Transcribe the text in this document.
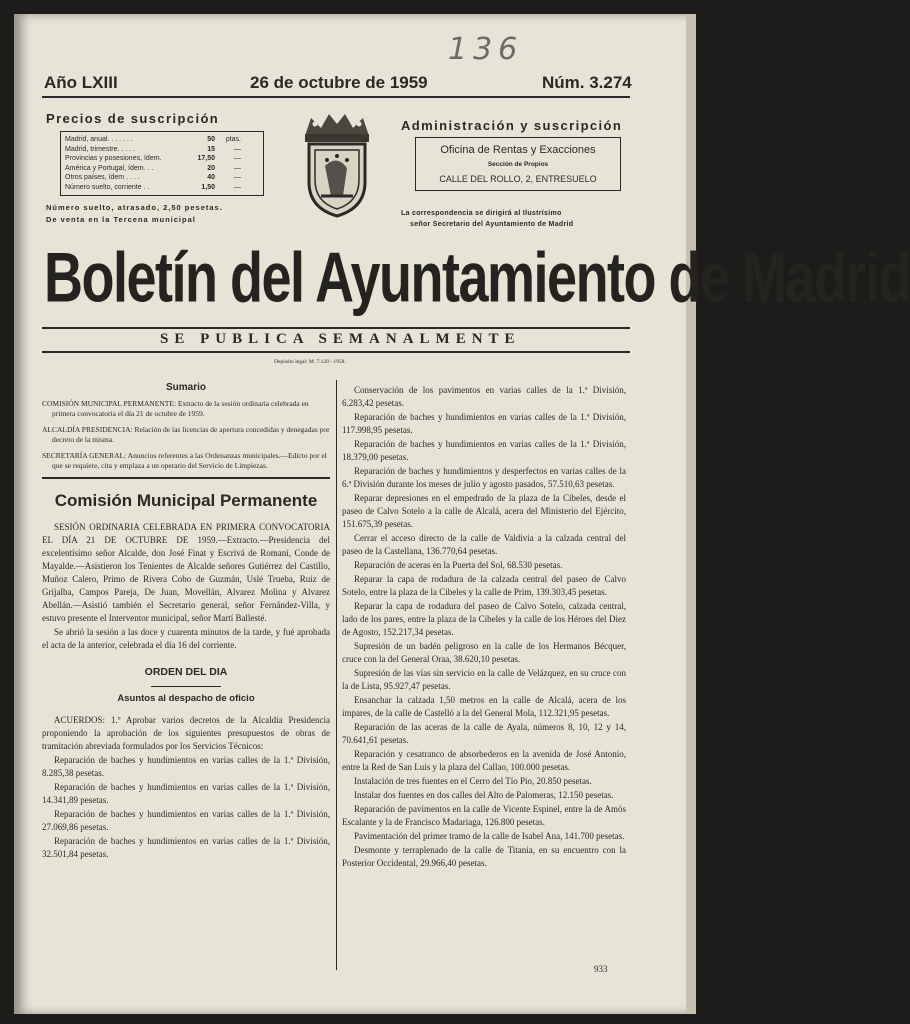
136
Año LXIII	26 de octubre de 1959	Núm. 3.274
Precios de suscripción
Madrid, anual. . . . . . .	50	ptas.
Madrid, trimestre. . . . .	15	—
Provincias y posesiones, ídem.	17,50	—
América y Portugal, ídem. . .	20	—
Otros países, ídem . . . .	40	—
Número suelto, corriente . .	1,50	—
Número suelto, atrasado, 2,50 pesetas.
De venta en la Tercena municipal
Administración y suscripción
Oficina de Rentas y Exacciones
Sección de Propios
CALLE DEL ROLLO, 2, ENTRESUELO
La correspondencia se dirigirá al Ilustrísimo
señor Secretario del Ayuntamiento de Madrid
Boletín del Ayuntamiento de Madrid
SE PUBLICA SEMANALMENTE
Depósito legal: M. 7.128 - 1958.
Sumario

COMISIÓN MUNICIPAL PERMANENTE: Extracto de la sesión ordinaria celebrada en primera convocatoria el día 21 de octubre de 1959.

ALCALDÍA PRESIDENCIA: Relación de las licencias de apertura concedidas y denegadas por decreto de la misma.

SECRETARÍA GENERAL: Anuncios referentes a las Ordenanzas municipales.—Edicto por el que se requiere, cita y emplaza a un operario del Servicio de Limpiezas.

Comisión Municipal Permanente

SESIÓN ORDINARIA CELEBRADA EN PRIMERA CONVOCATORIA EL DÍA 21 DE OCTUBRE DE 1959.—Extracto.—Presidencia del excelentísimo señor Alcalde, don José Finat y Escrivá de Romaní, Conde de Mayalde.—Asistieron los Tenientes de Alcalde señores Gutiérrez del Castillo, Muñoz Calero, Primo de Rivera Cobo de Guzmán, Uslé Trueba, Ruiz de Grijalba, Campos Pareja, De Juan, Movellán, Alvarez Molina y Alvarez Abellán.—Asistió también el Secretario general, señor Fernández-Villa, y estuvo presente el Interventor municipal, señor Martí Ballesté.

Se abrió la sesión a las doce y cuarenta minutos de la tarde, y fué aprobada el acta de la anterior, celebrada el día 16 del corriente.

ORDEN DEL DIA
Asuntos al despacho de oficio

ACUERDOS: 1.º Aprobar varios decretos de la Alcaldía Presidencia proponiendo la aprobación de los siguientes presupuestos de obras de tramitación abreviada formulados por los Servicios Técnicos:

Reparación de baches y hundimientos en varias calles de la 1.ª División, 8.285,38 pesetas.

Reparación de baches y hundimientos en varias calles de la 1.ª División, 14.341,89 pesetas.

Reparación de baches y hundimientos en varias calles de la 1.ª División, 27.069,86 pesetas.

Reparación de baches y hundimientos en varias calles de la 1.ª División, 32.501,84 pesetas.

Conservación de los pavimentos en varias calles de la 1.ª División, 6.283,42 pesetas.

Reparación de baches y hundimientos en varias calles de la 1.ª División, 117.998,95 pesetas.

Reparación de baches y hundimientos en varias calles de la 1.ª División, 18.379,00 pesetas.

Reparación de baches y hundimientos y desperfectos en varias calles de la 6.ª División durante los meses de julio y agosto pasados, 57.510,63 pesetas.

Reparar depresiones en el empedrado de la plaza de la Cibeles, desde el paseo de Calvo Sotelo a la calle de Alcalá, acera del Ministerio del Ejército, 151.675,39 pesetas.

Cerrar el acceso directo de la calle de Valdivia a la calzada central del paseo de la Castellana, 136.770,64 pesetas.

Reparación de aceras en la Puerta del Sol, 68.530 pesetas.

Reparar la capa de rodadura de la calzada central del paseo de Calvo Sotelo, entre la plaza de la Cibeles y la calle de Prim, 139.303,45 pesetas.

Reparar la capa de rodadura del paseo de Calvo Sotelo, calzada central, lado de los pares, entre la plaza de la Cibeles y la calle de los Héroes del Diez de Agosto, 152.217,34 pesetas.

Supresión de un badén peligroso en la calle de los Hermanos Bécquer, cruce con la del General Oraa, 38.620,10 pesetas.

Supresión de las vías sin servicio en la calle de Velázquez, en su cruce con la de Lista, 95.927,47 pesetas.

Ensanchar la calzada 1,50 metros en la calle de Alcalá, acera de los impares, de la calle de Castelló a la del General Mola, 112.321,95 pesetas.

Reparación de las aceras de la calle de Ayala, números 8, 10, 12 y 14, 70.641,61 pesetas.

Reparación y cesatranco de absorbederos en la avenida de José Antonio, entre la Red de San Luis y la plaza del Callao, 100.000 pesetas.

Instalación de tres fuentes en el Cerro del Tío Pío, 20.850 pesetas.

Instalar dos fuentes en dos calles del Alto de Palomeras, 12.150 pesetas.

Reparación de pavimentos en la calle de Vicente Espinel, entre la de Amós Escalante y la de Francisco Madariaga, 126.800 pesetas.

Pavimentación del primer tramo de la calle de Isabel Ana, 141.700 pesetas.

Desmonte y terraplenado de la calle de Titania, en su encuentro con la Posterior Occidental, 29.966,40 pesetas.

933
